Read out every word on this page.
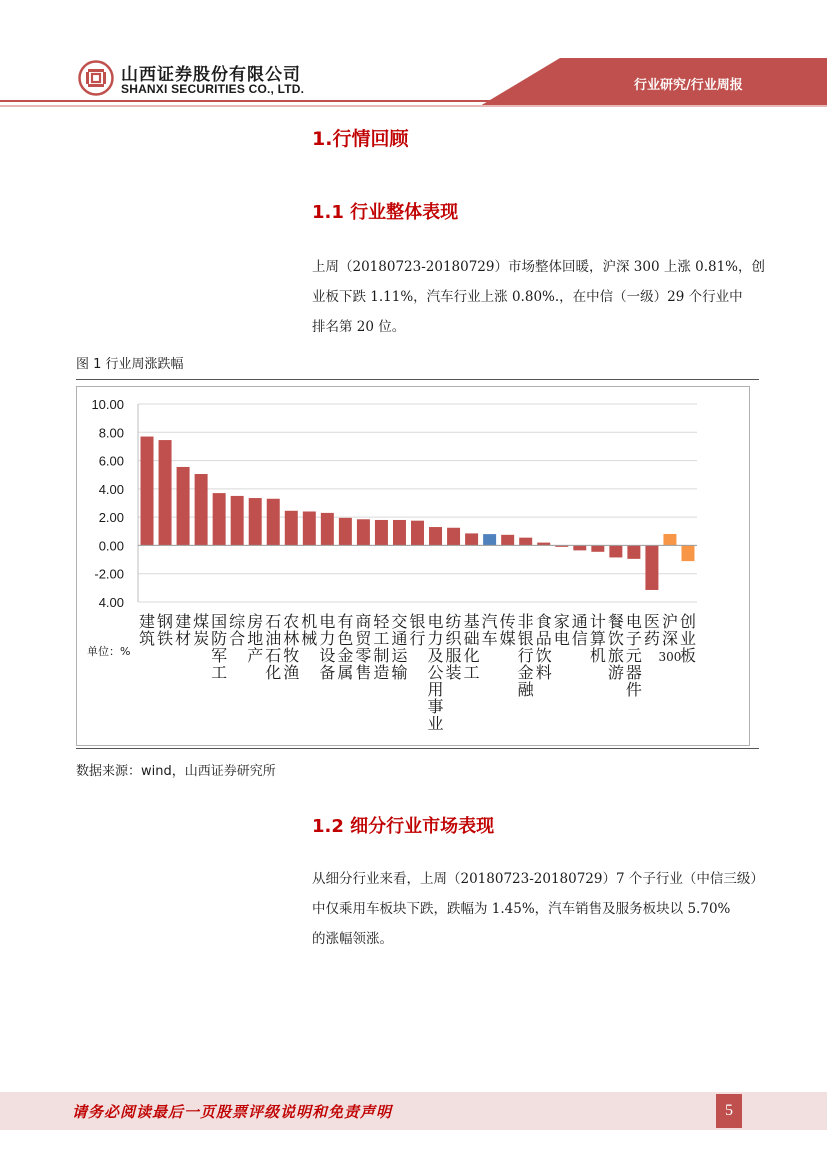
山西证券股份有限公司
SHANXI SECURITIES CO., LTD.	行业研究/行业周报
1.行情回顾
1.1 行业整体表现
上周（20180723-20180729）市场整体回暖，沪深 300 上涨 0.81%，创
业板下跌 1.11%，汽车行业上涨 0.80%.，在中信（一级）29 个行业中
排名第 20 位。
图 1 行业周涨跌幅
10.00
8.00
6.00
4.00
2.00
0.00
-2.00
4.00
建筑
钢铁
建材
煤炭
国防军工
综合
房地产
石油石化
农林牧渔
机械
电力设备
有色金属
商贸零售
轻工制造
交通运输
银行
电力及公用事业
纺织服装
基础化工
汽车
传媒
非银行金融
食品饮料
家电
通信
计算机
餐饮旅游
电子元器件
医药
沪深 300
创业板
单位：%
数据来源：wind，山西证券研究所
1.2 细分行业市场表现
从细分行业来看，上周（20180723-20180729）7 个子行业（中信三级）
中仅乘用车板块下跌，跌幅为 1.45%，汽车销售及服务板块以 5.70%
的涨幅领涨。
请务必阅读最后一页股票评级说明和免责声明	5
